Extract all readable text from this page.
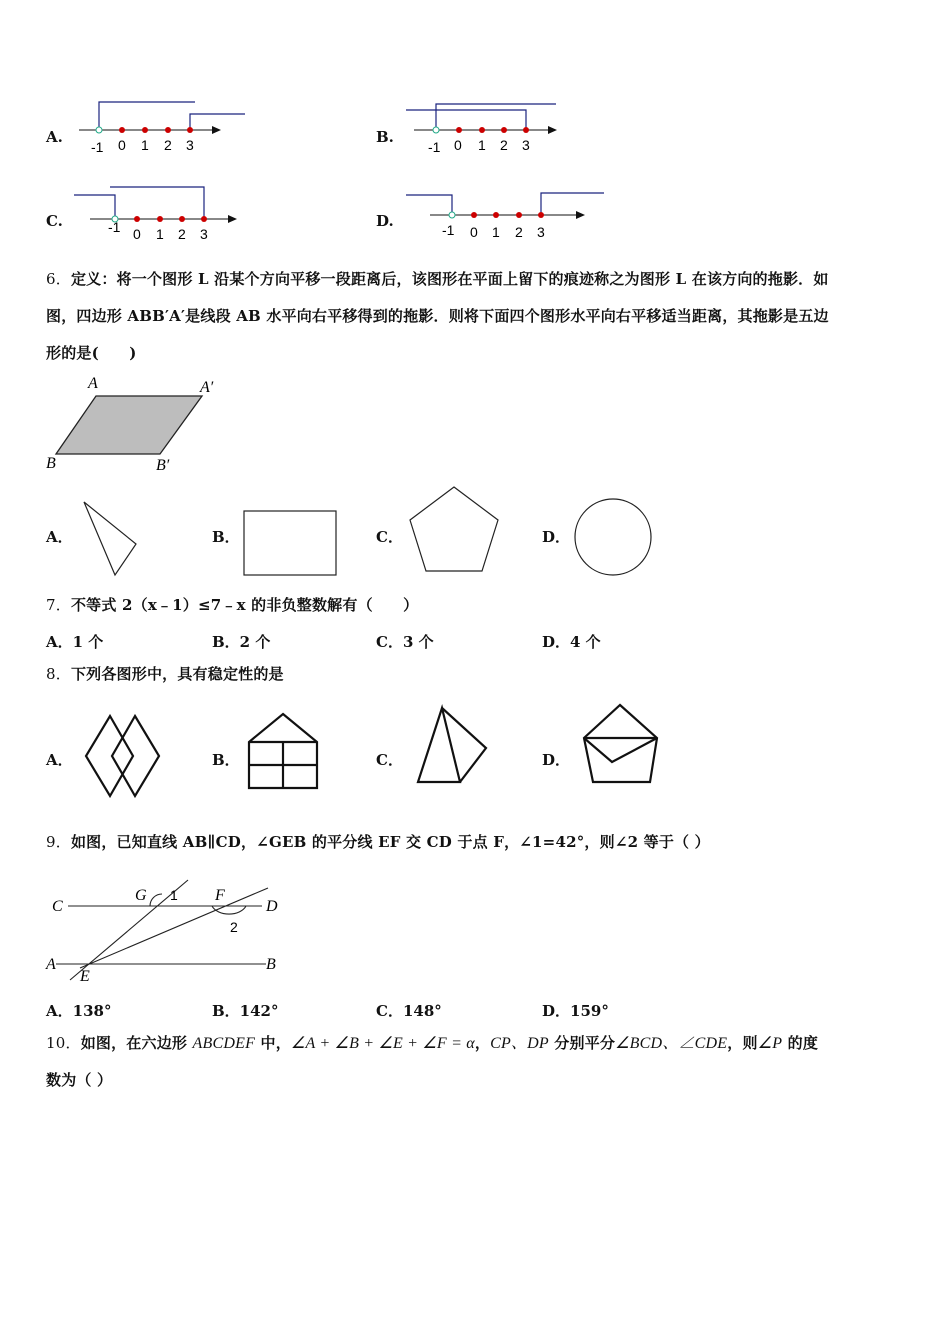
A.
-1 0 1 2 3	B.
-1 0 1 2 3
C.	-1 0 1 2 3
D.	-1 0 1 2 3
6．定义：将一个图形 L 沿某个方向平移一段距离后，该图形在平面上留下的痕迹称之为图形 L 在该方向的拖影．如
图，四边形 ABB′A′是线段 AB 水平向右平移得到的拖影．则将下面四个图形水平向右平移适当距离，其拖影是五边
形的是(　　)
A	A′
B	B′
A．	B．	C．	D．
7．不等式 2（x﹣1）≤7﹣x 的非负整数解有（　　）
A．1 个	B．2 个	C．3 个	D．4 个
8．下列各图形中，具有稳定性的是
A．	B．	C．	D．
9．如图，已知直线 AB∥CD，∠GEB 的平分线 EF 交 CD 于点 F，∠1=42°，则∠2 等于（ ）
C
G 1 F
D
2
A
E
B
A．138°	B．142°	C．148°	D．159°
10．如图，在六边形 ABCDEF 中，∠A + ∠B + ∠E + ∠F = α，CP、DP 分别平分∠BCD、∠CDE，则∠P 的度
数为（ ）
